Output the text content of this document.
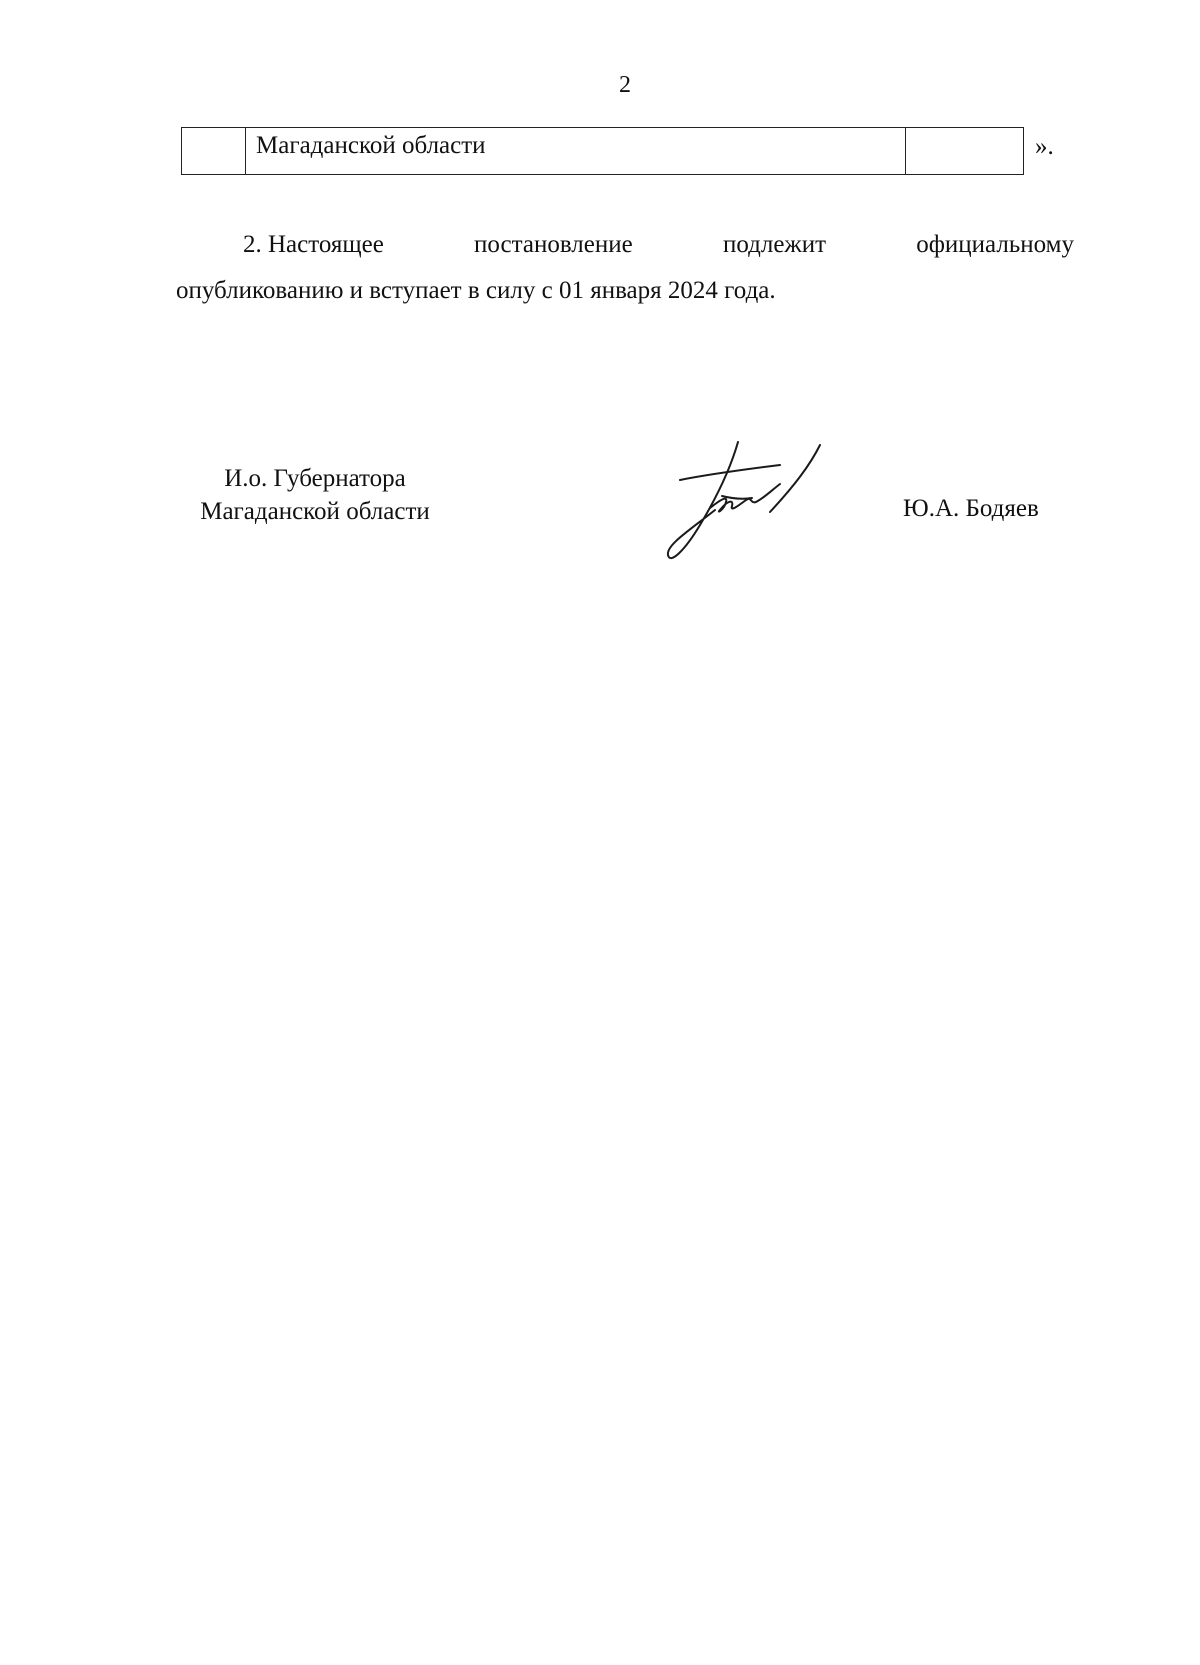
2
Магаданской области	».
2. Настоящее	постановление	подлежит	официальному
опубликованию и вступает в силу с 01 января 2024 года.
И.о. Губернатора
Магаданской области	Ю.А. Бодяев
